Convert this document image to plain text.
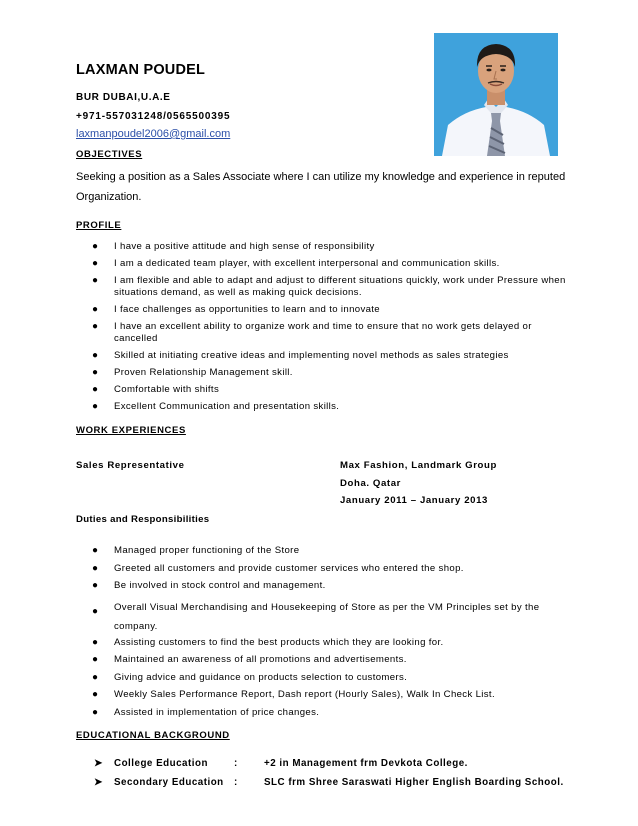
LAXMAN POUDEL
BUR DUBAI,U.A.E
+971-557031248/0565500395
laxmanpoudel2006@gmail.com
OBJECTIVES
Seeking a position as a Sales Associate where I can utilize my knowledge and experience in reputed Organization.
PROFILE
● I have a positive attitude and high sense of responsibility
● I am a dedicated team player, with excellent interpersonal and communication skills.
● I am flexible and able to adapt and adjust to different situations quickly, work under Pressure when situations demand, as well as making quick decisions.
● I face challenges as opportunities to learn and to innovate
● I have an excellent ability to organize work and time to ensure that no work gets delayed or cancelled
● Skilled at initiating creative ideas and implementing novel methods as sales strategies
● Proven Relationship Management skill.
● Comfortable with shifts
● Excellent Communication and presentation skills.
WORK EXPERIENCES
Sales Representative	Max Fashion, Landmark Group
Doha. Qatar
January 2011 – January 2013
Duties and Responsibilities
● Managed proper functioning of the Store
● Greeted all customers and provide customer services who entered the shop.
● Be involved in stock control and management.
● Overall Visual Merchandising and Housekeeping of Store as per the VM Principles set by the company.
● Assisting customers to find the best products which they are looking for.
● Maintained an awareness of all promotions and advertisements.
● Giving advice and guidance on products selection to customers.
● Weekly Sales Performance Report, Dash report (Hourly Sales), Walk In Check List.
● Assisted in implementation of price changes.
EDUCATIONAL BACKGROUND
➤	College Education	:	+2 in Management frm Devkota College.
➤	Secondary Education	:	SLC frm Shree Saraswati Higher English Boarding School.
